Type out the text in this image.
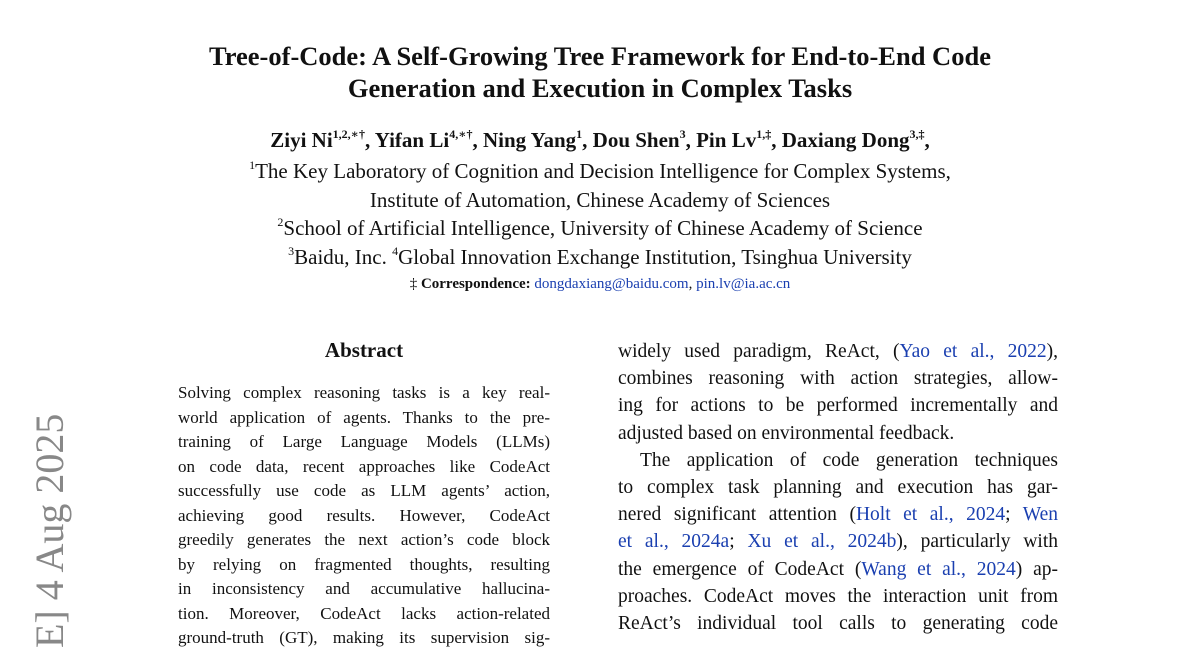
Tree-of-Code: A Self-Growing Tree Framework for End-to-End Code
Generation and Execution in Complex Tasks
Ziyi $Ni^{1,2,∗\dagger}$, Yifan $Li^{4,∗\dagger}$, Ning Yang$^1$, Dou Shen$^3$, Pin $Lv^{1,\ddagger}$, Daxiang Dong$^{3,\ddagger}$,
$^1$The Key Laboratory of Cognition and Decision Intelligence for Complex Systems,
Institute of Automation, Chinese Academy of Sciences
$^2$School of Artificial Intelligence, University of Chinese Academy of Science
$^3$Baidu, Inc. $^4$Global Innovation Exchange Institution, Tsinghua University
‡ Correspondence: dongdaxiang@baidu.com, pin.lv@ia.ac.cn
E] 4 Aug 2025
Abstract
Solving complex reasoning tasks is a key real-
world application of agents. Thanks to the pre-
training of Large Language Models (LLMs)
on code data, recent approaches like CodeAct
successfully use code as LLM agents’ action,
achieving good results. However, CodeAct
greedily generates the next action’s code block
by relying on fragmented thoughts, resulting
in inconsistency and accumulative hallucina-
tion. Moreover, CodeAct lacks action-related
ground-truth (GT), making its supervision sig-
widely used paradigm, ReAct, (Yao et al., 2022),
combines reasoning with action strategies, allow-
ing for actions to be performed incrementally and
adjusted based on environmental feedback.
The application of code generation techniques
to complex task planning and execution has gar-
nered significant attention (Holt et al., 2024; Wen
et al., 2024a; Xu et al., 2024b), particularly with
the emergence of CodeAct (Wang et al., 2024) ap-
proaches. CodeAct moves the interaction unit from
ReAct’s individual tool calls to generating code
